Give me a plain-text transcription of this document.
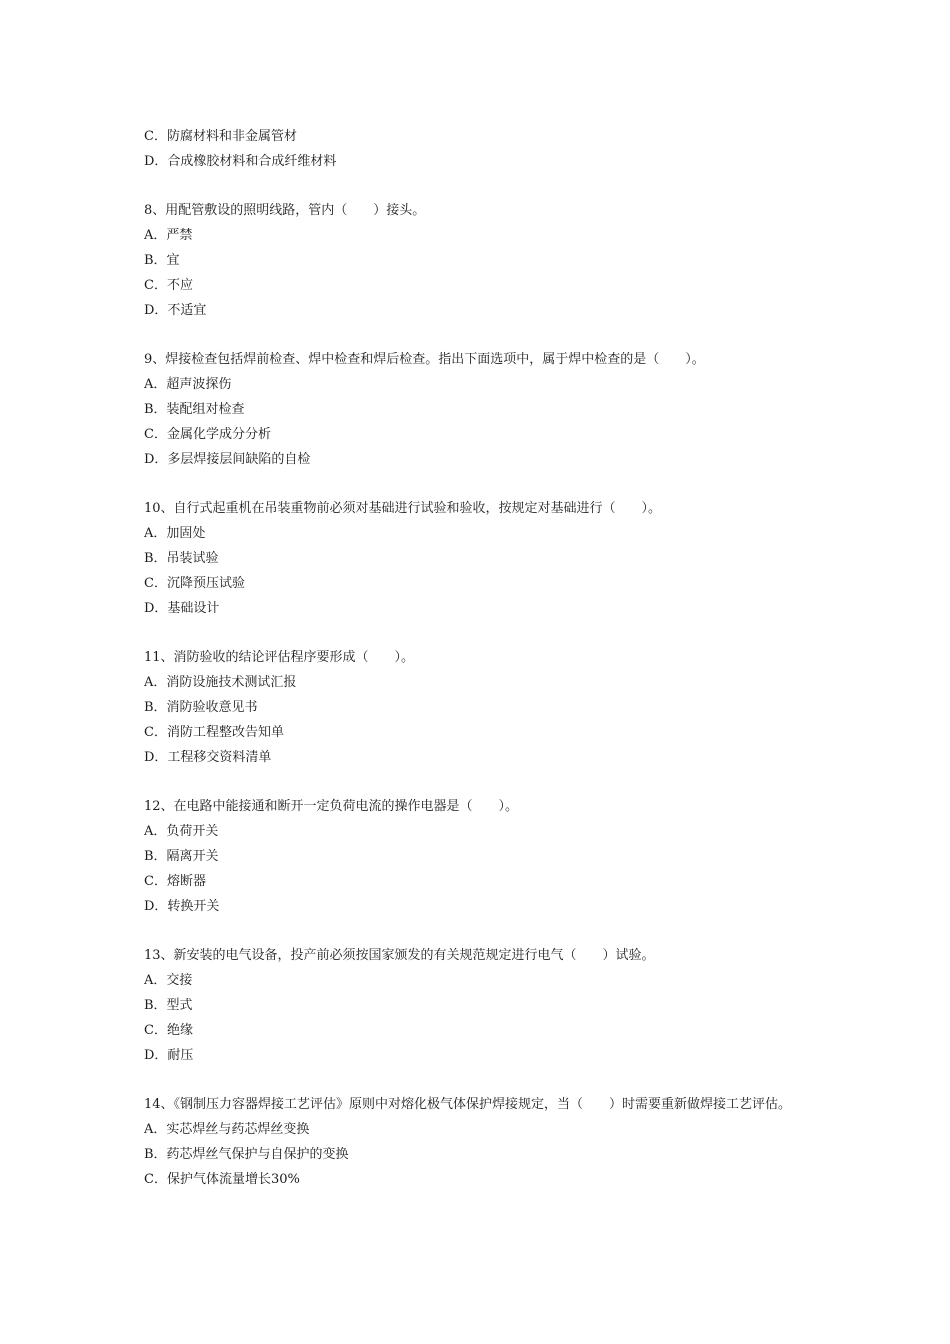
C．防腐材料和非金属管材
D．合成橡胶材料和合成纤维材料
8、用配管敷设的照明线路，管内（　　）接头。
A．严禁
B．宜
C．不应
D．不适宜
9、焊接检查包括焊前检查、焊中检查和焊后检查。指出下面选项中，属于焊中检查的是（　　）。
A．超声波探伤
B．装配组对检查
C．金属化学成分分析
D．多层焊接层间缺陷的自检
10、自行式起重机在吊装重物前必须对基础进行试验和验收，按规定对基础进行（　　）。
A．加固处
B．吊装试验
C．沉降预压试验
D．基础设计
11、消防验收的结论评估程序要形成（　　）。
A．消防设施技术测试汇报
B．消防验收意见书
C．消防工程整改告知单
D．工程移交资料清单
12、在电路中能接通和断开一定负荷电流的操作电器是（　　）。
A．负荷开关
B．隔离开关
C．熔断器
D．转换开关
13、新安装的电气设备，投产前必须按国家颁发的有关规范规定进行电气（　　）试验。
A．交接
B．型式
C．绝缘
D．耐压
14、《钢制压力容器焊接工艺评估》原则中对熔化极气体保护焊接规定，当（　　）时需要重新做焊接工艺评估。
A．实芯焊丝与药芯焊丝变换
B．药芯焊丝气保护与自保护的变换
C．保护气体流量增长30%
